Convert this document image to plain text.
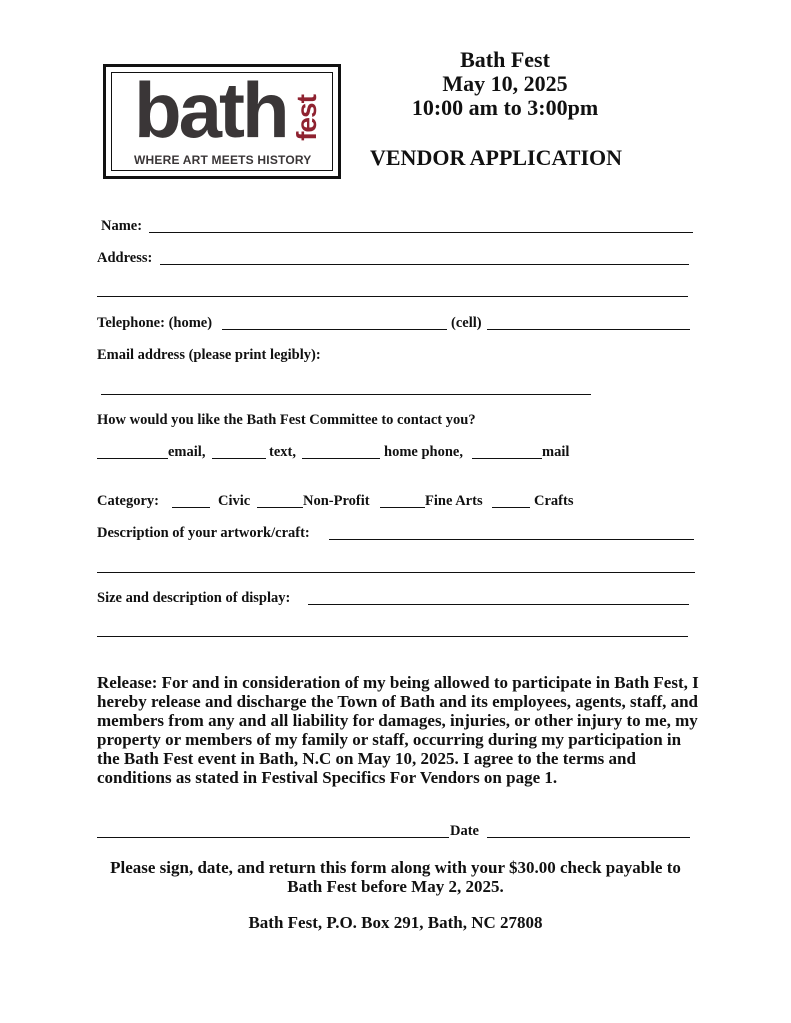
bath fest
WHERE ART MEETS HISTORY
Bath Fest
May 10, 2025
10:00 am to 3:00pm
VENDOR APPLICATION
Name:
Address:
Telephone: (home)	(cell)
Email address (please print legibly):
How would you like the Bath Fest Committee to contact you?
email,	text,	home phone,	mail
Category:	Civic	Non-Profit	Fine Arts	Crafts
Description of your artwork/craft:
Size and description of display:
Release: For and in consideration of my being allowed to participate in Bath Fest, I hereby release and discharge the Town of Bath and its employees, agents, staff, and members from any and all liability for damages, injuries, or other injury to me, my property or members of my family or staff, occurring during my participation in the Bath Fest event in Bath, N.C on May 10, 2025. I agree to the terms and conditions as stated in Festival Specifics For Vendors on page 1.
Date
Please sign, date, and return this form along with your $30.00 check payable to Bath Fest before May 2, 2025.
Bath Fest, P.O. Box 291, Bath, NC 27808
